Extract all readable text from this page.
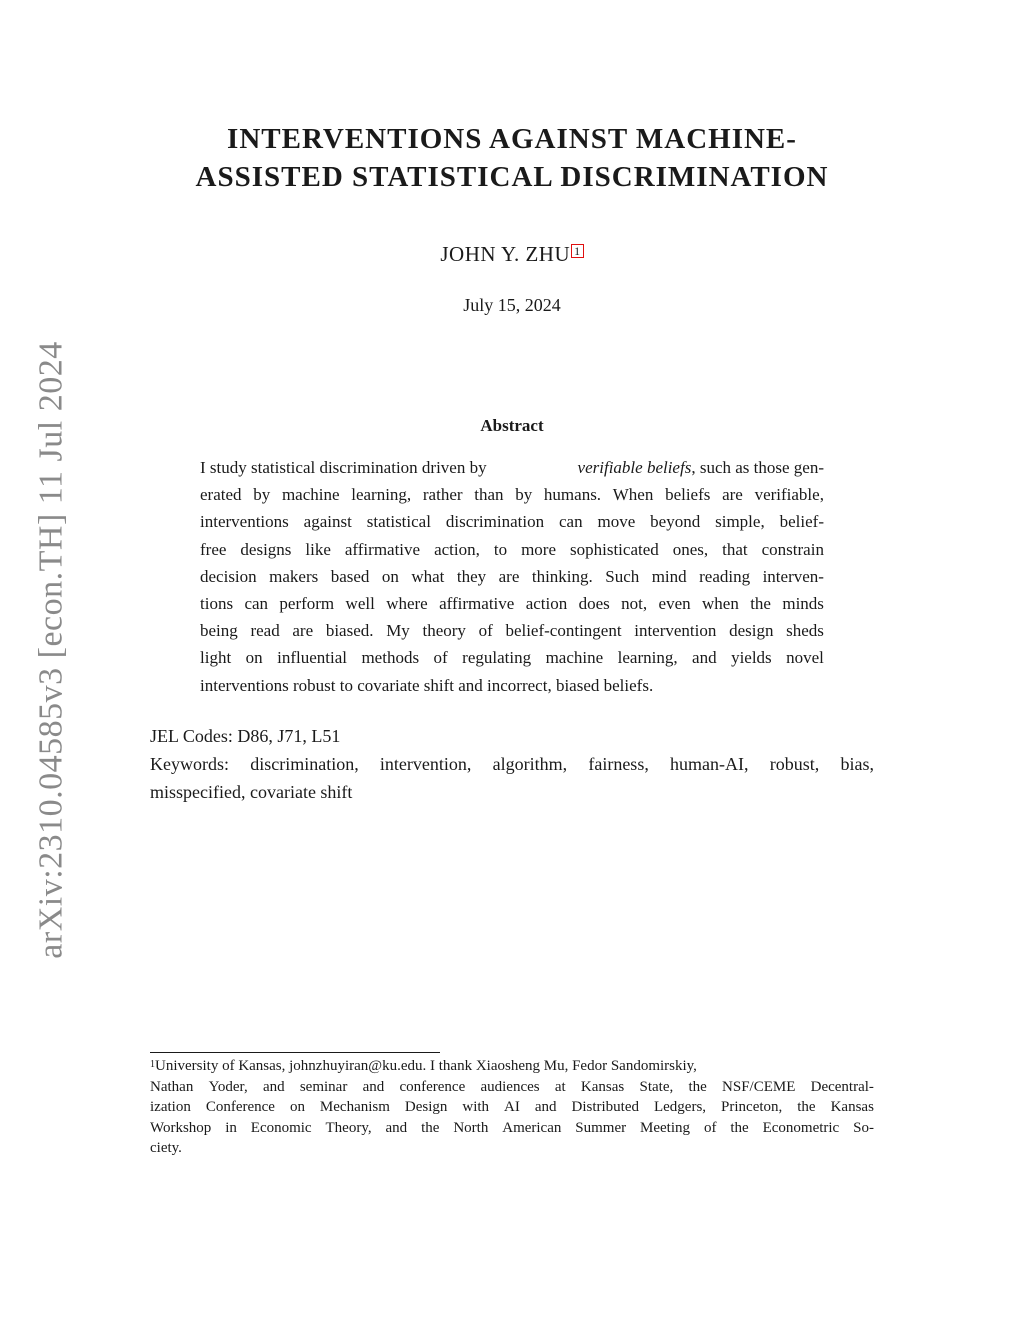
arXiv:2310.04585v3 [econ.TH] 11 Jul 2024
INTERVENTIONS AGAINST MACHINE-
ASSISTED STATISTICAL DISCRIMINATION
JOHN Y. ZHU 1
July 15, 2024
Abstract
I study statistical discrimination driven by	verifiable beliefs, such as those gen-
erated by machine learning, rather than by humans. When beliefs are verifiable,
interventions against statistical discrimination can move beyond simple, belief-
free designs like affirmative action, to more sophisticated ones, that constrain
decision makers based on what they are thinking. Such mind reading interven-
tions can perform well where affirmative action does not, even when the minds
being read are biased. My theory of belief-contingent intervention design sheds
light on influential methods of regulating machine learning, and yields novel
interventions robust to covariate shift and incorrect, biased beliefs.
JEL Codes: D86, J71, L51
Keywords: discrimination, intervention, algorithm, fairness, human-AI, robust, bias,
misspecified, covariate shift
$^1$University of Kansas, johnzhuyiran@ku.edu. I thank Xiaosheng Mu, Fedor Sandomirskiy,
Nathan Yoder, and seminar and conference audiences at Kansas State, the NSF/CEME Decentral-
ization Conference on Mechanism Design with AI and Distributed Ledgers, Princeton, the Kansas
Workshop in Economic Theory, and the North American Summer Meeting of the Econometric So-
ciety.
